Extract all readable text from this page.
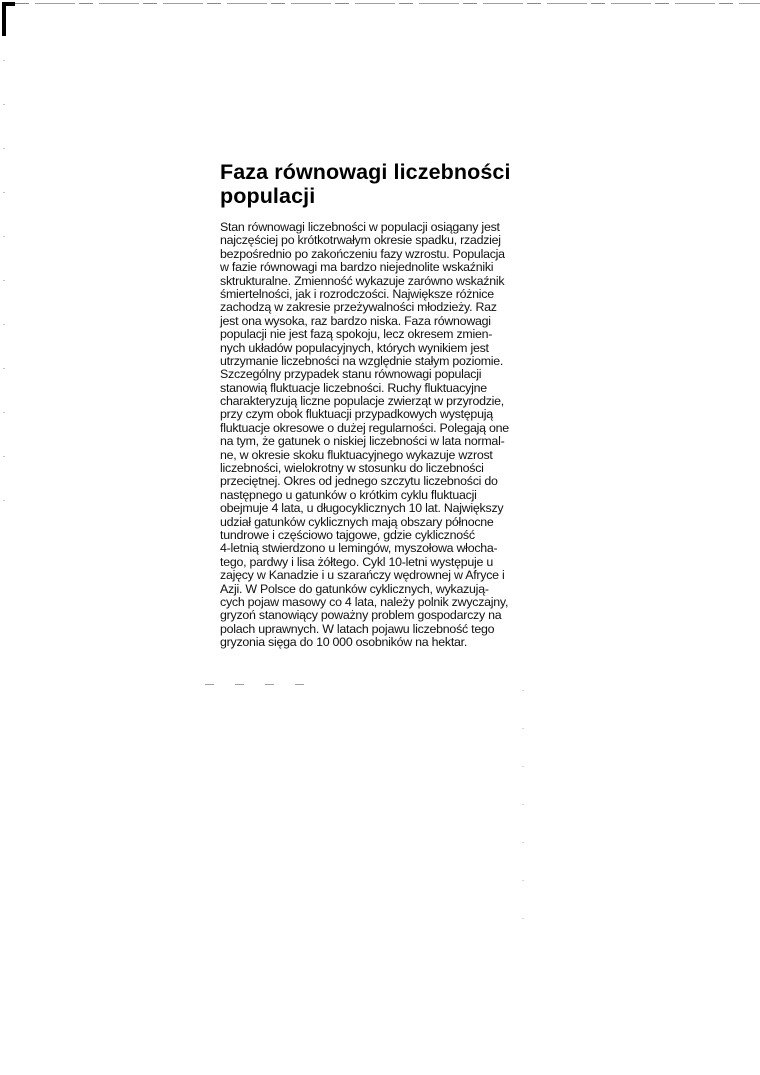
Faza równowagi liczebności
populacji
Stan równowagi liczebności w populacji osiągany jest
najczęściej po krótkotrwałym okresie spadku, rzadziej
bezpośrednio po zakończeniu fazy wzrostu. Populacja
w fazie równowagi ma bardzo niejednolite wskaźniki
sktrukturalne. Zmienność wykazuje zarówno wskaźnik
śmiertelności, jak i rozrodczości. Największe różnice
zachodzą w zakresie przeżywalności młodzieży. Raz
jest ona wysoka, raz bardzo niska. Faza równowagi
populacji nie jest fazą spokoju, lecz okresem zmien-
nych układów populacyjnych, których wynikiem jest
utrzymanie liczebności na względnie stałym poziomie.
Szczególny przypadek stanu równowagi populacji
stanowią fluktuacje liczebności. Ruchy fluktuacyjne
charakteryzują liczne populacje zwierząt w przyrodzie,
przy czym obok fluktuacji przypadkowych występują
fluktuacje okresowe o dużej regularności. Polegają one
na tym, że gatunek o niskiej liczebności w lata normal-
ne, w okresie skoku fluktuacyjnego wykazuje wzrost
liczebności, wielokrotny w stosunku do liczebności
przeciętnej. Okres od jednego szczytu liczebności do
następnego u gatunków o krótkim cyklu fluktuacji
obejmuje 4 lata, u długocyklicznych 10 lat. Największy
udział gatunków cyklicznych mają obszary północne
tundrowe i częściowo tajgowe, gdzie cykliczność
4-letnią stwierdzono u lemingów, myszołowa włocha-
tego, pardwy i lisa żółtego. Cykl 10-letni występuje u
zajęcy w Kanadzie i u szarańczy wędrownej w Afryce i
Azji. W Polsce do gatunków cyklicznych, wykazują-
cych pojaw masowy co 4 lata, należy polnik zwyczajny,
gryzoń stanowiący poważny problem gospodarczy na
polach uprawnych. W latach pojawu liczebność tego
gryzonia sięga do 10 000 osobników na hektar.
